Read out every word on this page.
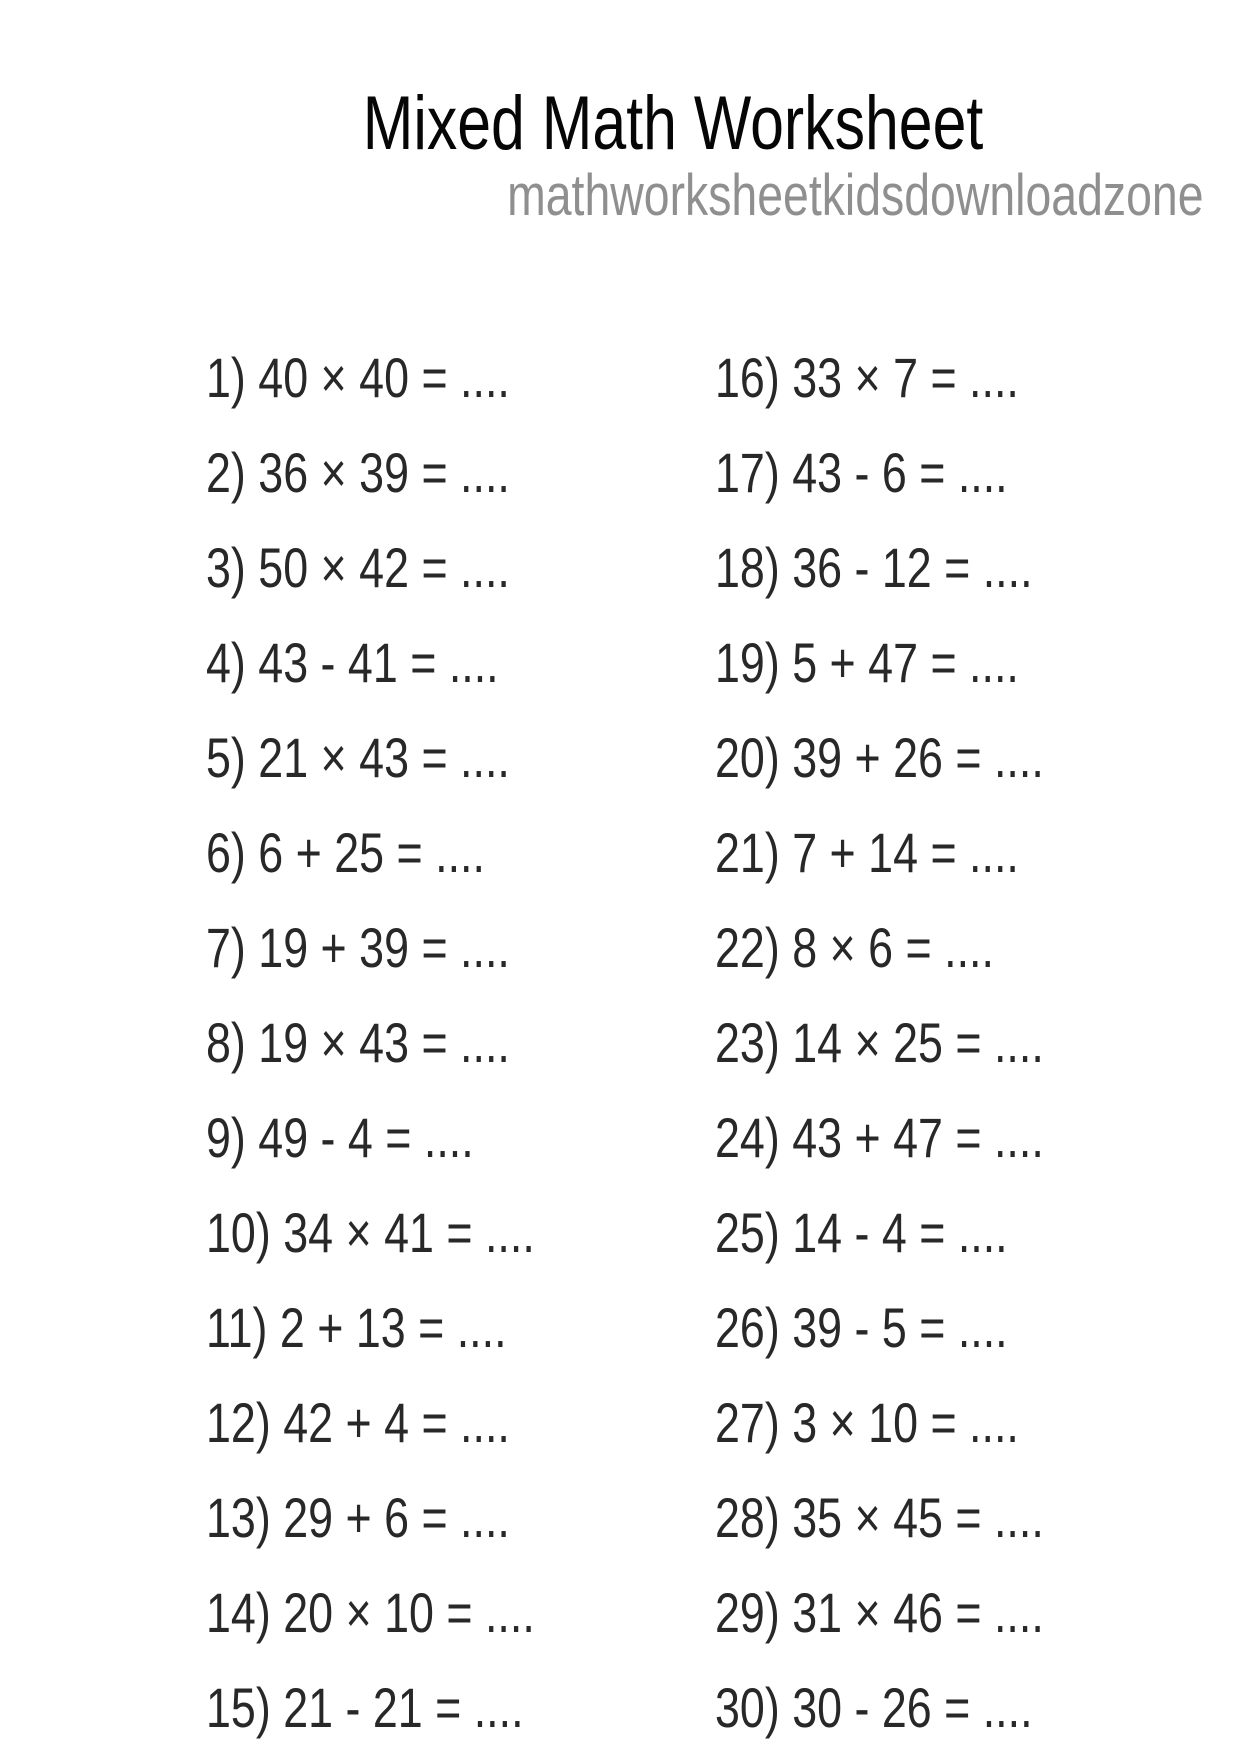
Mixed Math Worksheet
mathworksheetkidsdownloadzone
1) 40 × 40 = ....
2) 36 × 39 = ....
3) 50 × 42 = ....
4) 43 - 41 = ....
5) 21 × 43 = ....
6) 6 + 25 = ....
7) 19 + 39 = ....
8) 19 × 43 = ....
9) 49 - 4 = ....
10) 34 × 41 = ....
11) 2 + 13 = ....
12) 42 + 4 = ....
13) 29 + 6 = ....
14) 20 × 10 = ....
15) 21 - 21 = ....
16) 33 × 7 = ....
17) 43 - 6 = ....
18) 36 - 12 = ....
19) 5 + 47 = ....
20) 39 + 26 = ....
21) 7 + 14 = ....
22) 8 × 6 = ....
23) 14 × 25 = ....
24) 43 + 47 = ....
25) 14 - 4 = ....
26) 39 - 5 = ....
27) 3 × 10 = ....
28) 35 × 45 = ....
29) 31 × 46 = ....
30) 30 - 26 = ....
